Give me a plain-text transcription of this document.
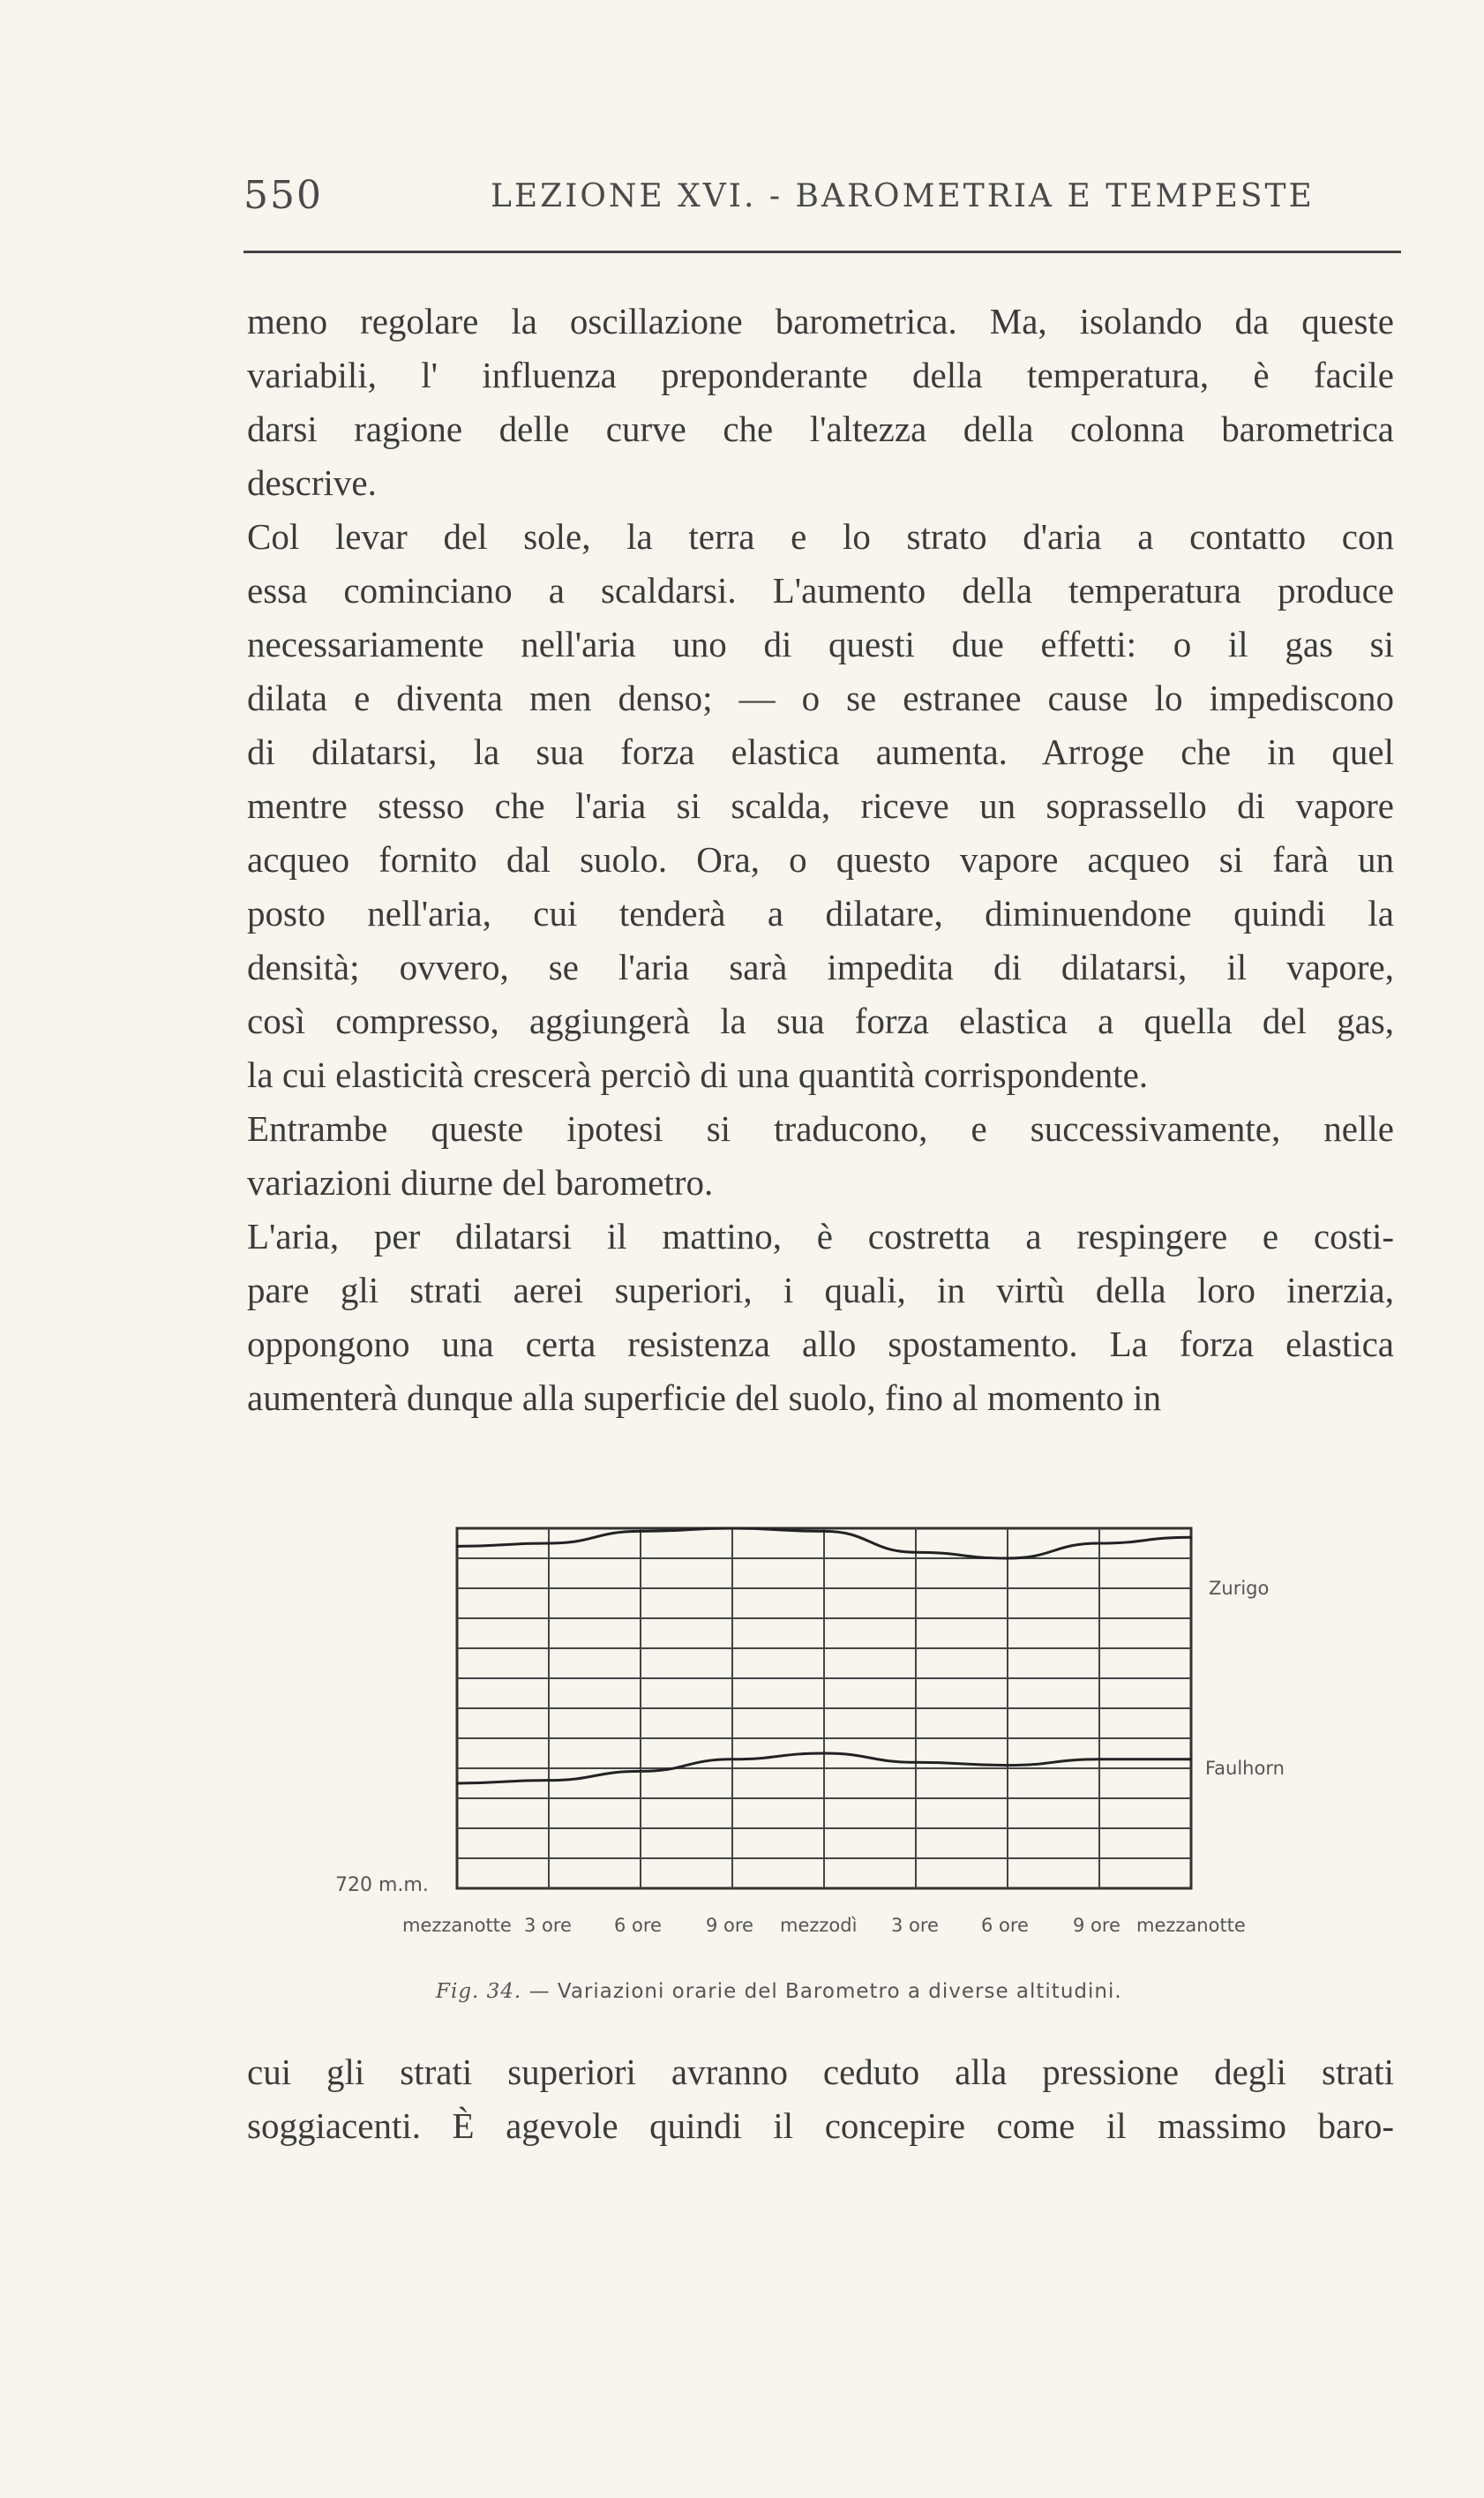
550	LEZIONE XVI. - BAROMETRIA E TEMPESTE
meno regolare la oscillazione barometrica. Ma, isolando da queste
variabili, l' influenza preponderante della temperatura, è facile
darsi ragione delle curve che l'altezza della colonna barometrica
descrive.
Col levar del sole, la terra e lo strato d'aria a contatto con
essa cominciano a scaldarsi. L'aumento della temperatura produce
necessariamente nell'aria uno di questi due effetti: o il gas si
dilata e diventa men denso; — o se estranee cause lo impediscono
di dilatarsi, la sua forza elastica aumenta. Arroge che in quel
mentre stesso che l'aria si scalda, riceve un soprassello di vapore
acqueo fornito dal suolo. Ora, o questo vapore acqueo si farà un
posto nell'aria, cui tenderà a dilatare, diminuendone quindi la
densità; ovvero, se l'aria sarà impedita di dilatarsi, il vapore,
così compresso, aggiungerà la sua forza elastica a quella del gas,
la cui elasticità crescerà perciò di una quantità corrispondente.
Entrambe queste ipotesi si traducono, e successivamente, nelle
variazioni diurne del barometro.
L'aria, per dilatarsi il mattino, è costretta a respingere e costi-
pare gli strati aerei superiori, i quali, in virtù della loro inerzia,
oppongono una certa resistenza allo spostamento. La forza elastica
aumenterà dunque alla superficie del suolo, fino al momento in
Zurigo
Faulhorn
720 m.m.
mezzanotte 3 ore 6 ore 9 ore mezzodì 3 ore 6 ore 9 ore mezzanotte
Fig. 34. — Variazioni orarie del Barometro a diverse altitudini.
cui gli strati superiori avranno ceduto alla pressione degli strati
soggiacenti. È agevole quindi il concepire come il massimo baro-
